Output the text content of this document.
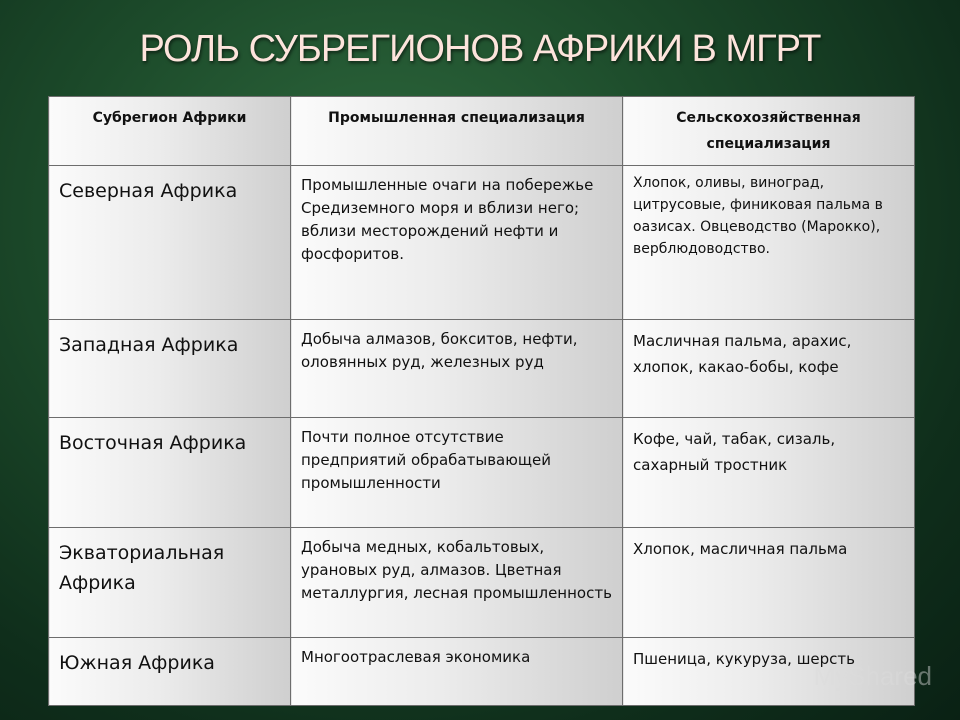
РОЛЬ СУБРЕГИОНОВ АФРИКИ В МГРТ
Субрегион Африки	Промышленная специализация	Сельскохозяйственная специализация

Северная Африка	Промышленные очаги на побережье Средиземного моря и вблизи него; вблизи месторождений нефти и фосфоритов.	Хлопок, оливы, виноград, цитрусовые, финиковая пальма в оазисах. Овцеводство (Марокко), верблюдоводство.

Западная Африка	Добыча алмазов, бокситов, нефти, оловянных руд, железных руд	Масличная пальма, арахис, хлопок, какао-бобы, кофе

Восточная Африка	Почти полное отсутствие предприятий обрабатывающей промышленности	Кофе, чай, табак, сизаль, сахарный тростник

Экваториальная Африка	Добыча медных, кобальтовых, урановых руд, алмазов. Цветная металлургия, лесная промышленность	Хлопок, масличная пальма

Южная Африка	Многоотраслевая экономика	Пшеница, кукуруза, шерсть
MyShared
